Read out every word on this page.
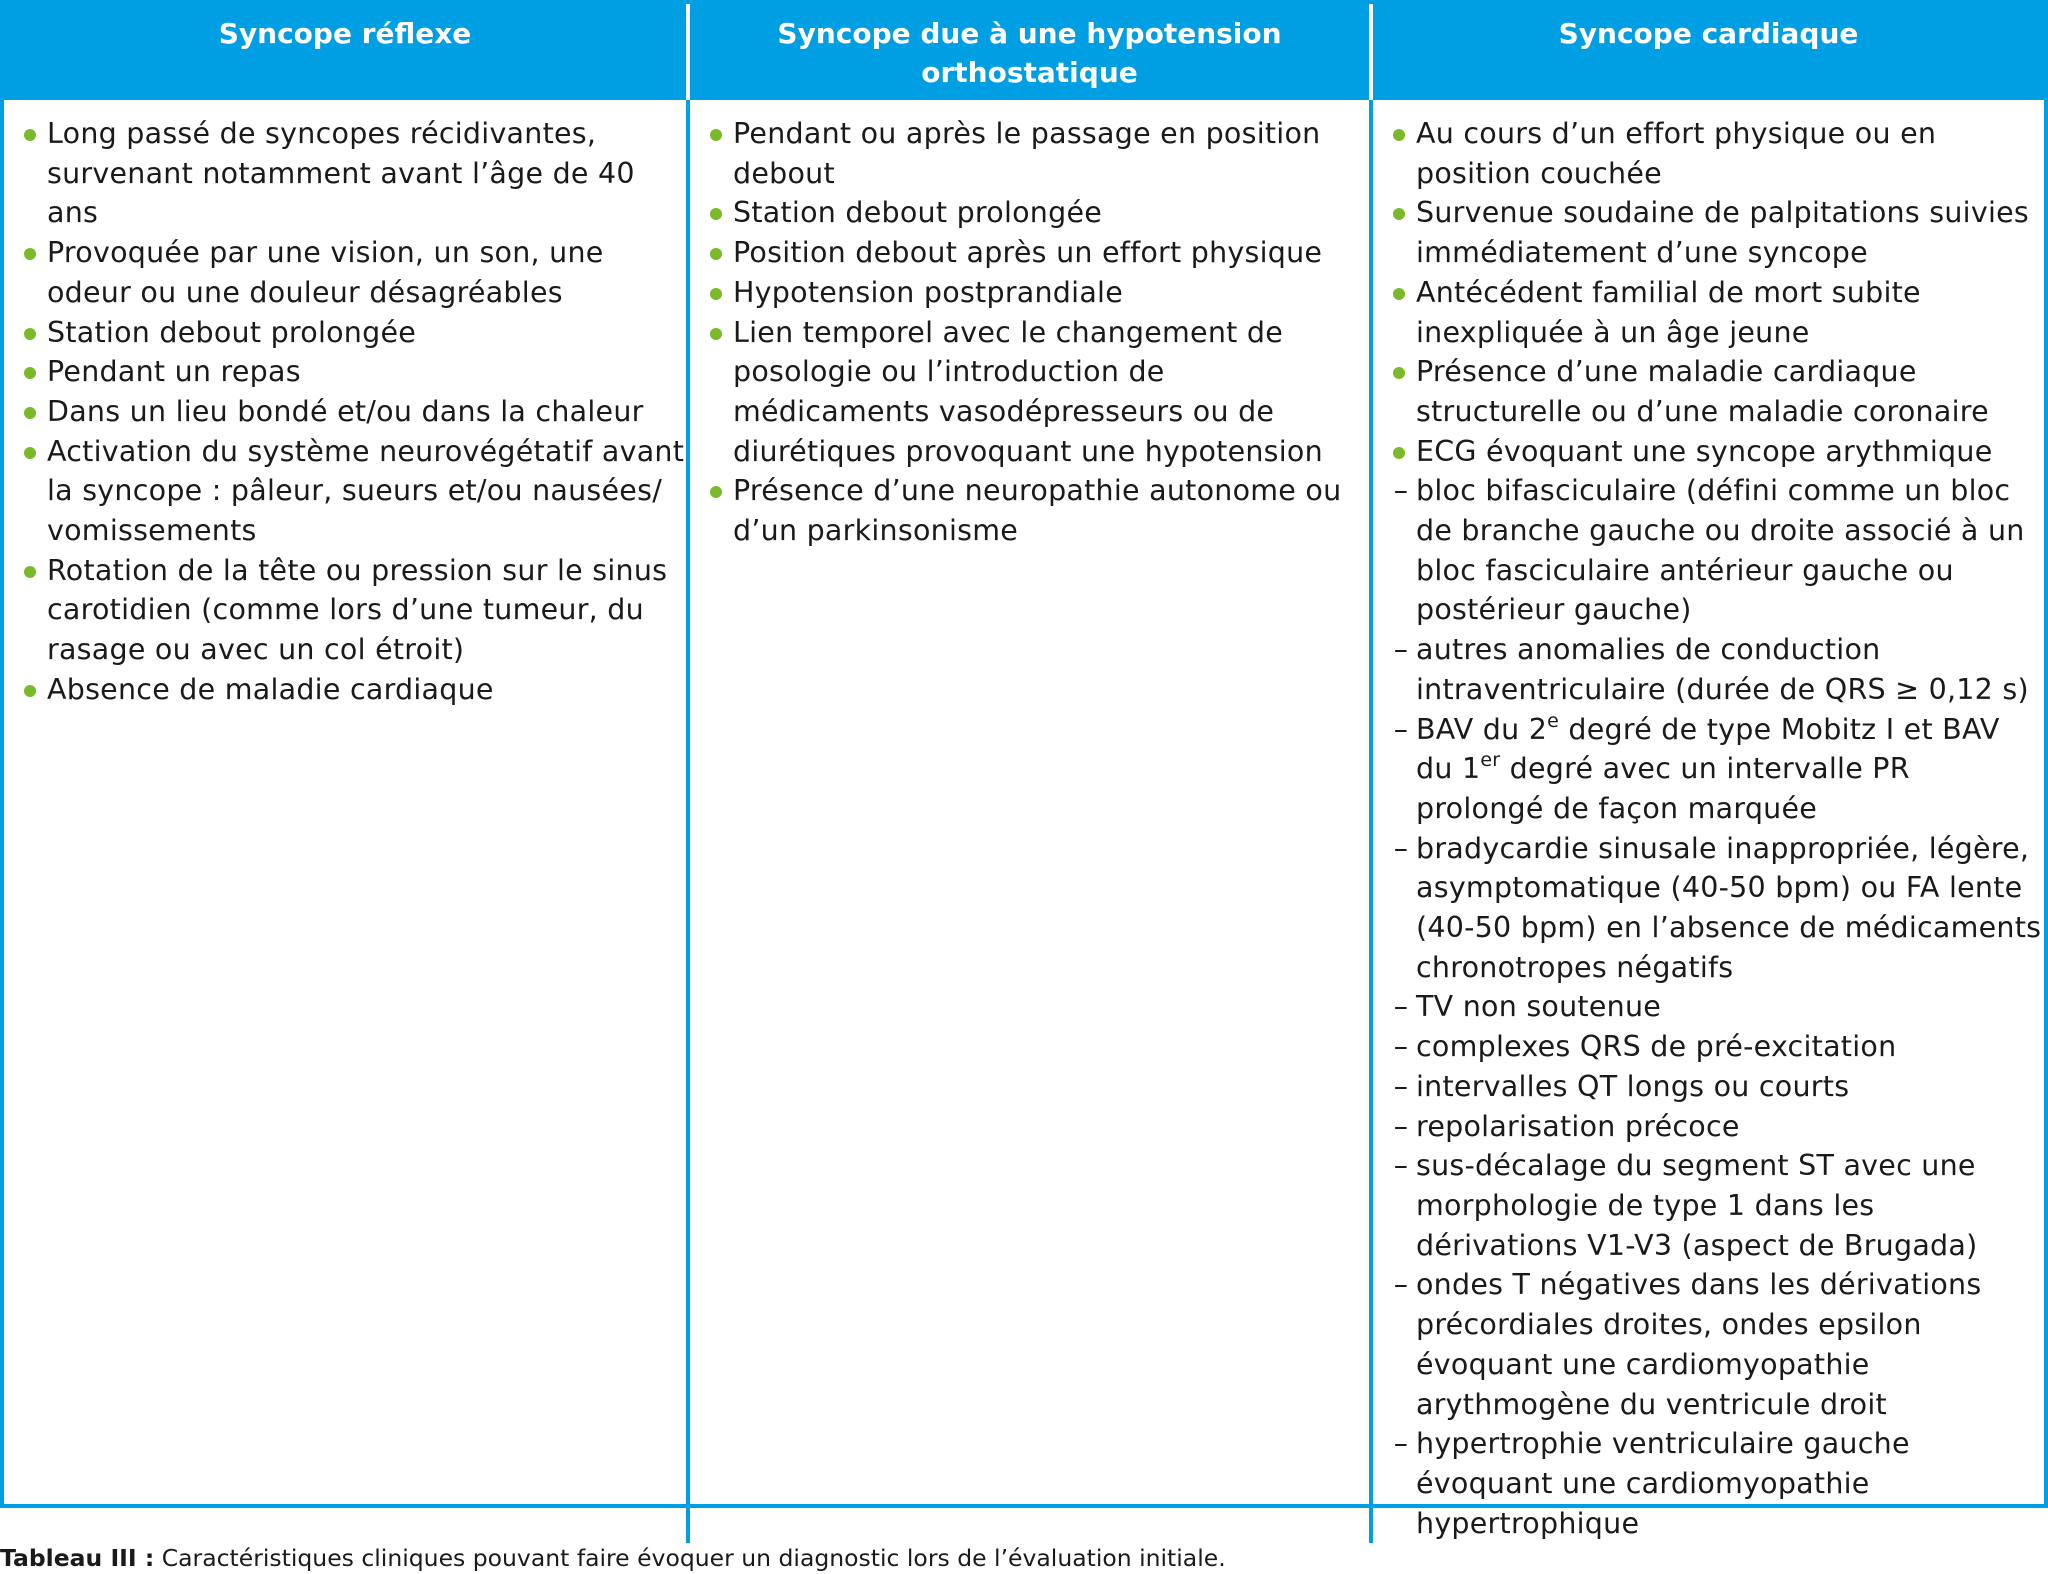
Syncope réflexe	Syncope due à une hypotension orthostatique
Syncope cardiaque
Long passé de syncopes récidivantes, survenant notamment avant l’âge de 40 ans
Provoquée par une vision, un son, une odeur ou une douleur désagréables
Station debout prolongée
Pendant un repas
Dans un lieu bondé et/ou dans la chaleur
Activation du système neurovégétatif avant la syncope : pâleur, sueurs et/ou nausées/ vomissements
Rotation de la tête ou pression sur le sinus carotidien (comme lors d’une tumeur, du rasage ou avec un col étroit)
Absence de maladie cardiaque
Pendant ou après le passage en position debout
Station debout prolongée
Position debout après un effort physique
Hypotension postprandiale
Lien temporel avec le changement de posologie ou l’introduction de médicaments vasodépresseurs ou de diurétiques provoquant une hypotension
Présence d’une neuropathie autonome ou d’un parkinsonisme
Au cours d’un effort physique ou en position couchée
Survenue soudaine de palpitations suivies immédiatement d’une syncope
Antécédent familial de mort subite inexpliquée à un âge jeune
Présence d’une maladie cardiaque structurelle ou d’une maladie coronaire
ECG évoquant une syncope arythmique
– bloc bifasciculaire (défini comme un bloc de branche gauche ou droite associé à un bloc fasciculaire antérieur gauche ou postérieur gauche)
– autres anomalies de conduction intraventriculaire (durée de QRS ≥ 0,12 s)
– BAV du 2e degré de type Mobitz I et BAV du 1er degré avec un intervalle PR prolongé de façon marquée
– bradycardie sinusale inappropriée, légère, asymptomatique (40-50 bpm) ou FA lente (40-50 bpm) en l’absence de médicaments chronotropes négatifs
– TV non soutenue
– complexes QRS de pré-excitation
– intervalles QT longs ou courts
– repolarisation précoce
– sus-décalage du segment ST avec une morphologie de type 1 dans les dérivations V1-V3 (aspect de Brugada)
– ondes T négatives dans les dérivations précordiales droites, ondes epsilon évoquant une cardiomyopathie arythmogène du ventricule droit
– hypertrophie ventriculaire gauche évoquant une cardiomyopathie hypertrophique
Tableau III : Caractéristiques cliniques pouvant faire évoquer un diagnostic lors de l’évaluation initiale.
